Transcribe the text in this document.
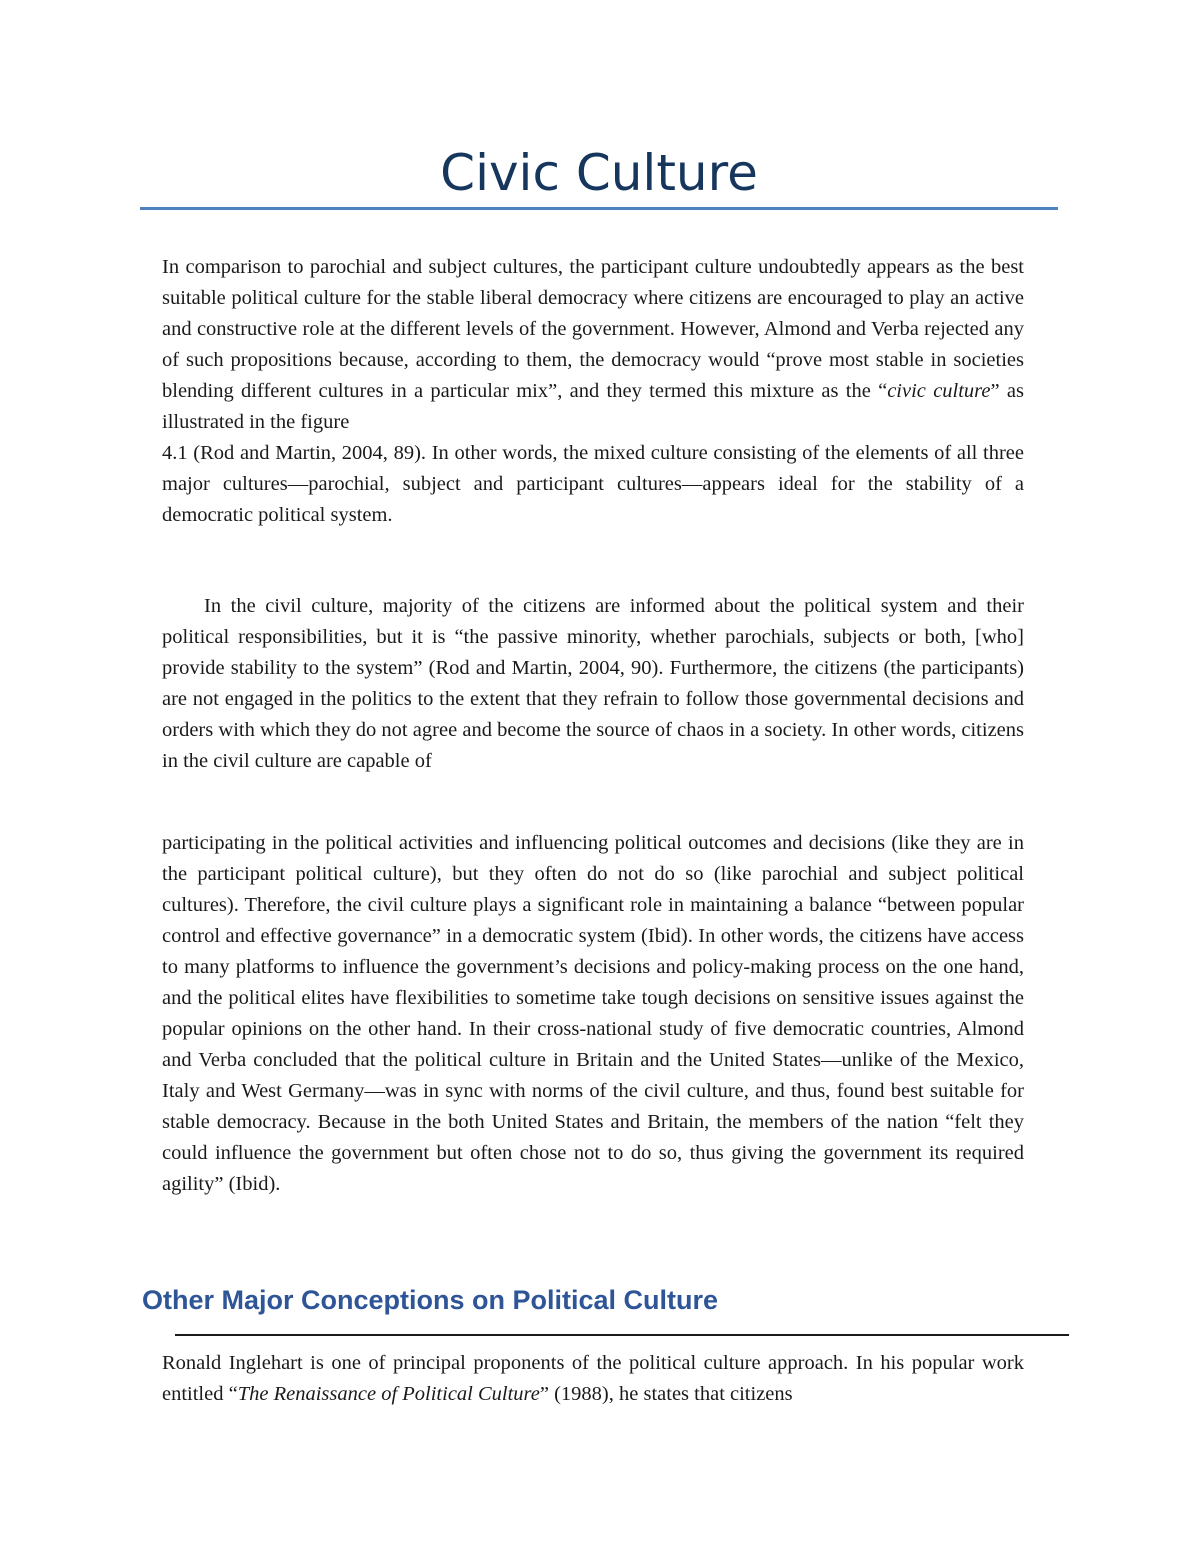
Civic Culture

In comparison to parochial and subject cultures, the participant culture undoubtedly appears as the best suitable political culture for the stable liberal democracy where citizens are encouraged to play an active and constructive role at the different levels of the government. However, Almond and Verba rejected any of such propositions because, according to them, the democracy would “prove most stable in societies blending different cultures in a particular mix”, and they termed this mixture as the “civic culture” as illustrated in the figure

4.1 (Rod and Martin, 2004, 89). In other words, the mixed culture consisting of the elements of all three major cultures—parochial, subject and participant cultures—appears ideal for the stability of a democratic political system.

In the civil culture, majority of the citizens are informed about the political system and their political responsibilities, but it is “the passive minority, whether parochials, subjects or both, [who] provide stability to the system” (Rod and Martin, 2004, 90). Furthermore, the citizens (the participants) are not engaged in the politics to the extent that they refrain to follow those governmental decisions and orders with which they do not agree and become the source of chaos in a society. In other words, citizens in the civil culture are capable of

participating in the political activities and influencing political outcomes and decisions (like they are in the participant political culture), but they often do not do so (like parochial and subject political cultures). Therefore, the civil culture plays a significant role in maintaining a balance “between popular control and effective governance” in a democratic system (Ibid). In other words, the citizens have access to many platforms to influence the government’s decisions and policy-making process on the one hand, and the political elites have flexibilities to sometime take tough decisions on sensitive issues against the popular opinions on the other hand. In their cross-national study of five democratic countries, Almond and Verba concluded that the political culture in Britain and the United States—unlike of the Mexico, Italy and West Germany—was in sync with norms of the civil culture, and thus, found best suitable for stable democracy. Because in the both United States and Britain, the members of the nation “felt they could influence the government but often chose not to do so, thus giving the government its required agility” (Ibid).

Other Major Conceptions on Political Culture

Ronald Inglehart is one of principal proponents of the political culture approach. In his popular work entitled “The Renaissance of Political Culture” (1988), he states that citizens
